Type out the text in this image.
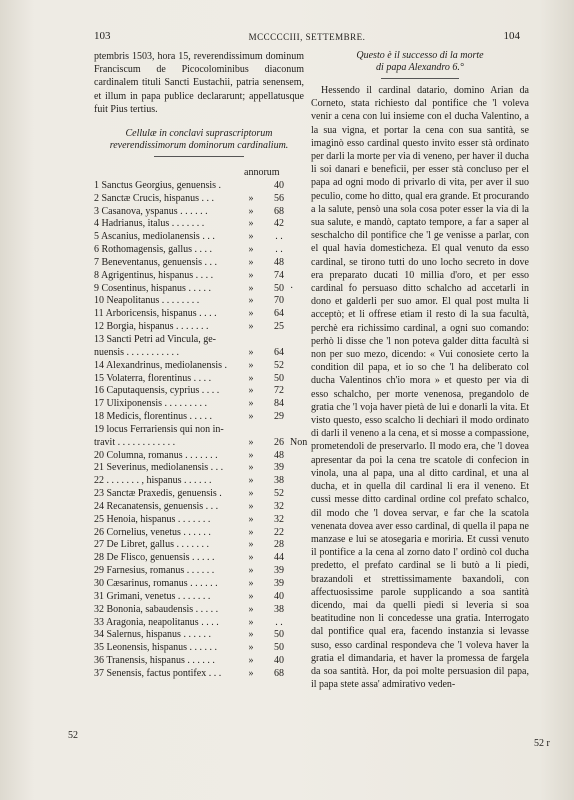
103	MCCCCCIII, SETTEMBRE.	104

ptembris 1503, hora 15, reverendissimum dominum Franciscum de Picocolominibus diaconum cardinalem tituli Sancti Eustachii, patria senensem, et illum in papa publice declararunt; appellatusque fuit Pius tertius.

Cellulæ in conclavi suprascriptorum reverendissimorum dominorum cardinalium.

annorum
1 Sanctus Georgius, genuensis .	40
2 Sanctæ Crucis, hispanus . . .	»	56
3 Casanova, yspanus . . . . . .	»	68
4 Hadrianus, italus . . . . . . .	»	42
5 Ascanius, mediolanensis . . .	»	. .
6 Rothomagensis, gallus . . . .	»	. .
7 Beneventanus, genuensis . . .	»	48
8 Agrigentinus, hispanus . . . .	»	74
9 Cosentinus, hispanus . . . . .	»	50 ·
10 Neapolitanus . . . . . . . .	»	70
11 Arboricensis, hispanus . . . .	»	64
12 Borgia, hispanus . . . . . . .	»	25
13 Sancti Petri ad Vincula, ge-
nuensis . . . . . . . . . . .	»	64
14 Alexandrinus, mediolanensis . »	52
15 Volaterra, florentinus . . . .	»	50
16 Caputaquensis, cyprius . . . .	»	72
17 Ulixiponensis . . . . . . . . .	»	84
18 Medicis, florentinus . . . . .	»	29
19 locus Ferrariensis qui non in-
travit . . . . . . . . . . . .	»	26 Non
20 Columna, romanus . . . . . . .	»	48
21 Severinus, mediolanensis . . .	»	39
22 . . . . . . . , hispanus . . . . . .	»	38
23 Sanctæ Praxedis, genuensis .	»	52
24 Recanatensis, genuensis . . .	»	32
25 Henoia, hispanus . . . . . . .	»	32
26 Cornelius, venetus . . . . . .	»	22
27 De Libret, gallus . . . . . . .	»	28
28 De Flisco, genuensis . . . . .	»	44
29 Farnesius, romanus . . . . . .	»	39
30 Cæsarinus, romanus . . . . . .	»	39
31 Grimani, venetus . . . . . . .	»	40
32 Bononia, sabaudensis . . . . .	»	38
33 Aragonia, neapolitanus . . . .	»	. .
34 Salernus, hispanus . . . . . .	»	50
35 Leonensis, hispanus . . . . . .	»	50
36 Tranensis, hispanus . . . . . .	»	40
37 Senensis, factus pontifex . . .	»	68

Questo è il successo di la morte

di papa Alexandro 6.°

Hessendo il cardinal datario, domino Arian da Corneto, stata richiesto dal pontifice che 'l voleva venir a cena con lui insieme con el ducha Valentino, a la sua vigna, et portar la cena con sua santità, se imaginò esso cardinal questo invito esser stà ordinato per darli la morte per via di veneno, per haver il ducha li soi danari e beneficii, per esser stà concluso per el papa ad ogni modo di privarlo di vita, per aver il suo peculio, come ho ditto, qual era grande. Et procurando a la salute, pensò una sola cosa poter esser la via di la sua salute, e mandò, captato tempore, a far a saper al seschalcho dil pontifice che 'l ge venisse a parlar, con el qual havia domesticheza. El qual venuto da esso cardinal, se tirono tutti do uno locho secreto in dove era preparato ducati 10 millia d'oro, et per esso cardinal fo persuaso ditto schalcho ad accetarli in dono et galderli per suo amor. El qual post multa li acceptò; et li offrese etiam il resto di la sua facultà, perchè era richissimo cardinal, a ogni suo comando: perhò li disse che 'l non poteva galder ditta facultà si non per suo mezo, dicendo: « Vui conosiete certo la condition dil papa, et io so che 'l ha deliberato col ducha Valentinos ch'io mora » et questo per via di esso schalcho, per morte venenosa, pregandolo de gratia che 'l voja haver pietà de lui e donarli la vita. Et visto questo, esso scalcho li dechiarì il modo ordinato di darli il veneno a la cena, et si mosse a compassione, prometendoli de preservarlo. Il modo era, che 'l dovea apresentar da poi la cena tre scatole di confecion in vinola, una al papa, una al ditto cardinal, et una al ducha, et in quella dil cardinal li era il veneno. Et cussì messe ditto cardinal ordine col prefato schalco, dil modo che 'l dovea servar, e far che la scatola venenata dovea aver esso cardinal, di quella il papa ne manzase e lui se atosegaria e moriria. Et cussì venuto il pontifice a la cena al zorno dato l' ordinò col ducha predetto, el prefato cardinal se li butò a li piedi, brazandoli et strettissimamente baxandoli, con affectuosissime parole supplicando a soa santità dicendo, mai da quelli piedi si leveria si soa beatitudine non li concedesse una gratia. Interrogato dal pontifice qual era, facendo instanzia si levasse suso, esso cardinal respondeva che 'l voleva haver la gratia el dimandaria, et haver la promessa de fargela da soa santità. Hor, da poi molte persuasion dil papa, il papa stete assa' admirativo veden-

52
52 r
